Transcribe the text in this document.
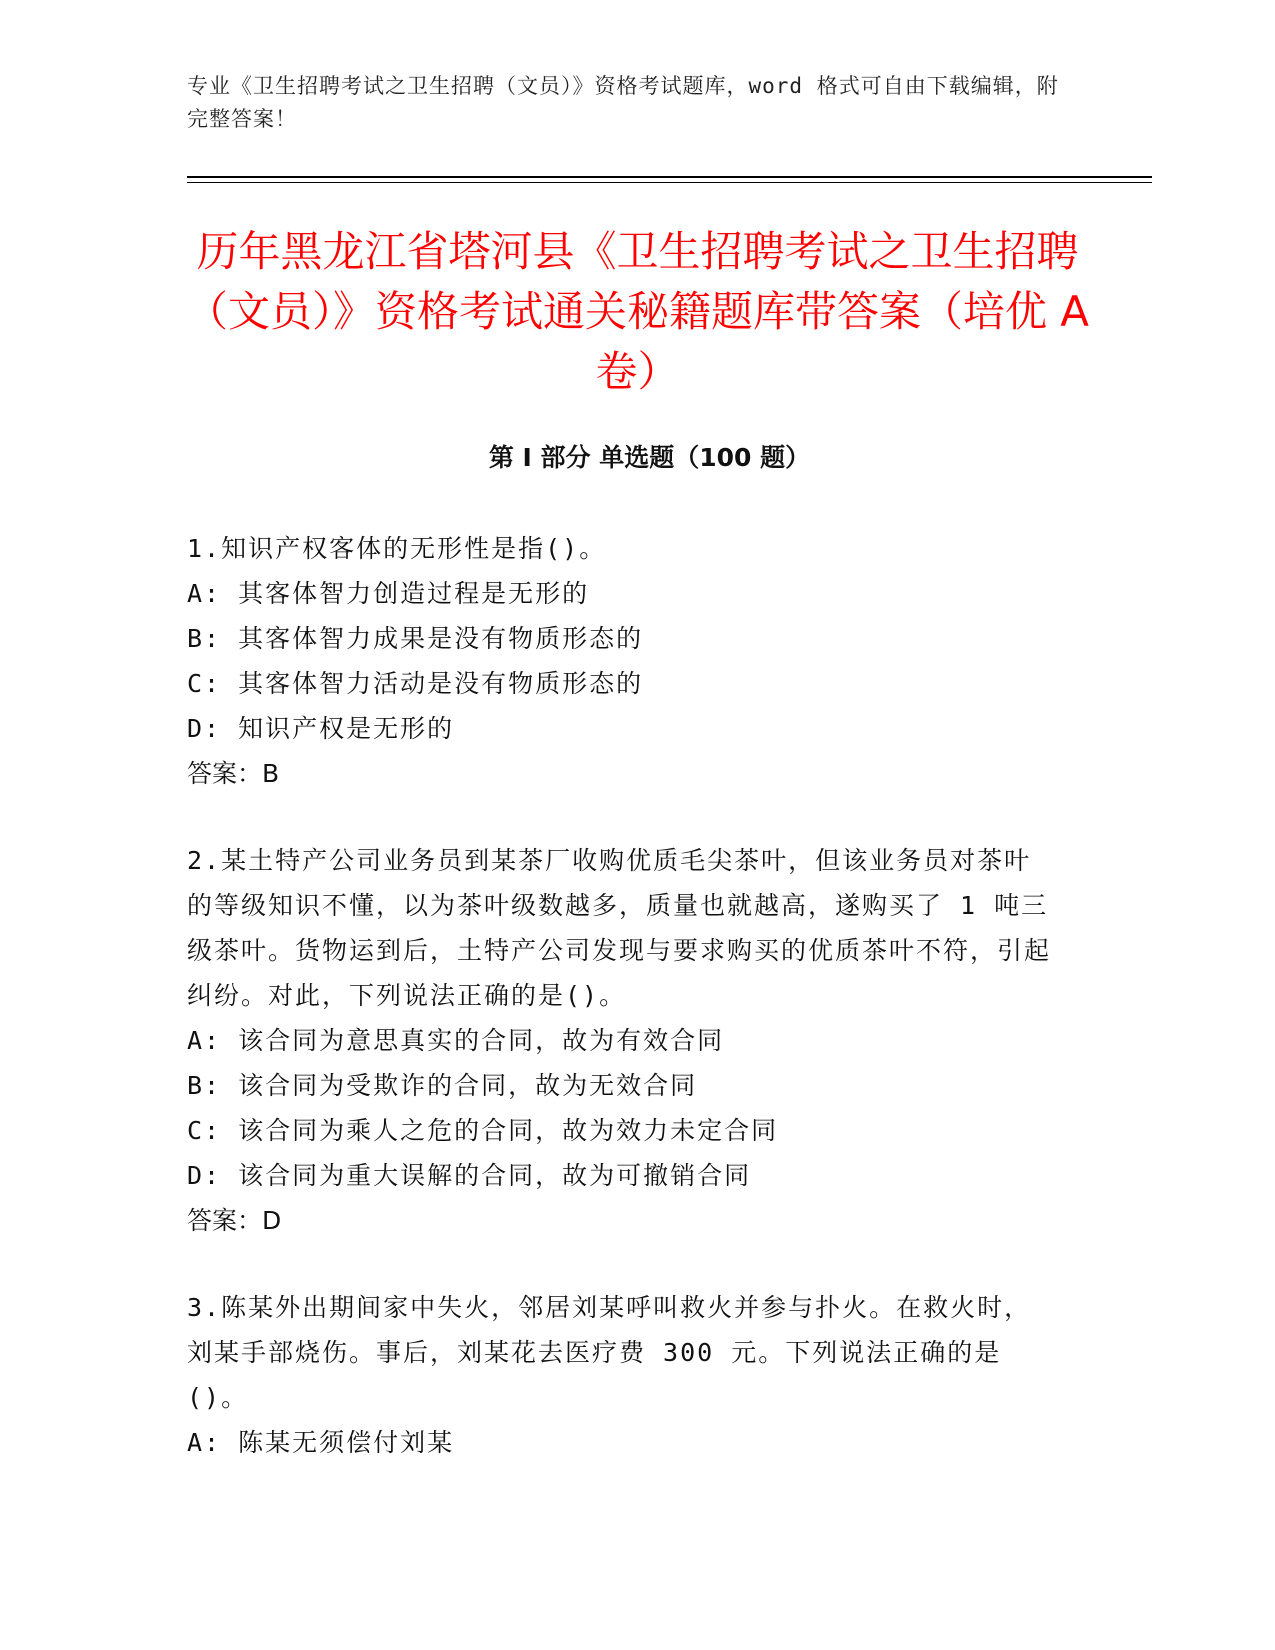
专业《卫生招聘考试之卫生招聘（文员）》资格考试题库，word 格式可自由下载编辑，附完整答案！
历年黑龙江省塔河县《卫生招聘考试之卫生招聘（文员）》资格考试通关秘籍题库带答案（培优 A 卷）
第 I 部分 单选题（100 题）

1.知识产权客体的无形性是指()。

A: 其客体智力创造过程是无形的

B: 其客体智力成果是没有物质形态的

C: 其客体智力活动是没有物质形态的

D: 知识产权是无形的

答案：B

2.某土特产公司业务员到某茶厂收购优质毛尖茶叶，但该业务员对茶叶的等级知识不懂，以为茶叶级数越多，质量也就越高，遂购买了 1 吨三级茶叶。货物运到后，土特产公司发现与要求购买的优质茶叶不符，引起纠纷。对此，下列说法正确的是()。

A: 该合同为意思真实的合同，故为有效合同

B: 该合同为受欺诈的合同，故为无效合同

C: 该合同为乘人之危的合同，故为效力未定合同

D: 该合同为重大误解的合同，故为可撤销合同

答案：D

3.陈某外出期间家中失火，邻居刘某呼叫救火并参与扑火。在救火时，刘某手部烧伤。事后，刘某花去医疗费 300 元。下列说法正确的是()。

A: 陈某无须偿付刘某
